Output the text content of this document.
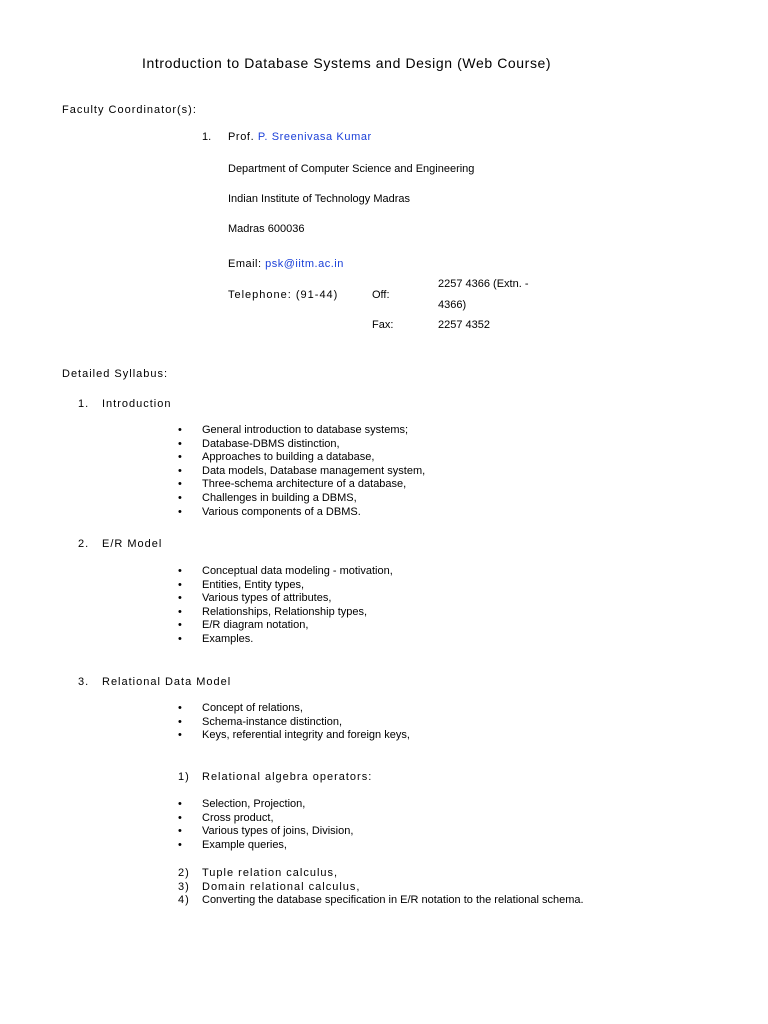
Introduction to Database Systems and Design (Web Course)
Faculty Coordinator(s):
1. Prof. P. Sreenivasa Kumar
Department of Computer Science and Engineering
Indian Institute of Technology Madras
Madras 600036
Email: psk@iitm.ac.in
Telephone: (91-44)	Off:
2257 4366 (Extn. -
4366)
Fax:	2257 4352
Detailed Syllabus:
1. Introduction
•	General introduction to database systems;
•	Database-DBMS distinction,
•	Approaches to building a database,
•	Data models, Database management system,
•	Three-schema architecture of a database,
•	Challenges in building a DBMS,
•	Various components of a DBMS.
2. E/R Model
•	Conceptual data modeling - motivation,
•	Entities, Entity types,
•	Various types of attributes,
•	Relationships, Relationship types,
•	E/R diagram notation,
•	Examples.
3. Relational Data Model
•	Concept of relations,
•	Schema-instance distinction,
•	Keys, referential integrity and foreign keys,
1) Relational algebra operators:
•	Selection, Projection,
•	Cross product,
•	Various types of joins, Division,
•	Example queries,
2) Tuple relation calculus,
3) Domain relational calculus,
4) Converting the database specification in E/R notation to the relational schema.
